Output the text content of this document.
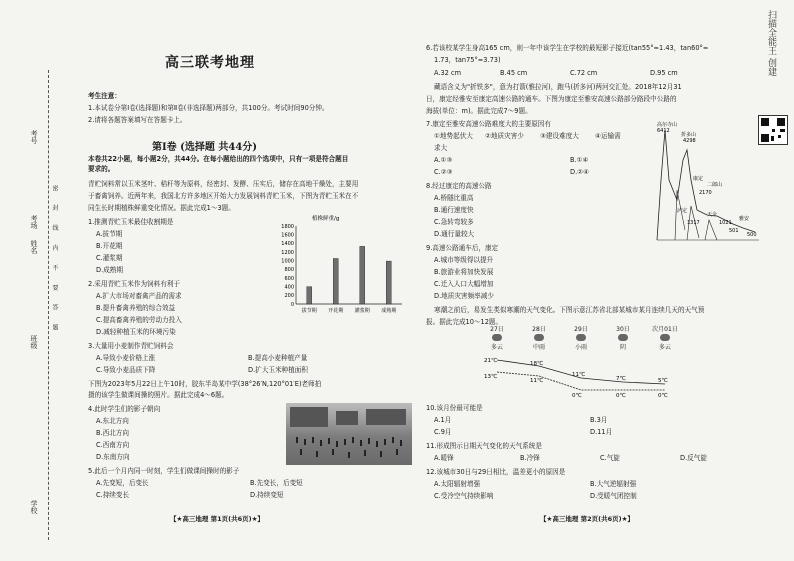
考号
考场
姓名
班级
学校
密 封 线 内 不 要 答 题
高三联考地理
考生注意：
1.本试卷分第Ⅰ卷(选择题)和第Ⅱ卷(非选择题)两部分，共100分。考试时间90分钟。
2.请将各题答案填写在答题卡上。
第Ⅰ卷 (选择题 共44分)
本卷共22小题，每小题2分，共44分。在每小题给出的四个选项中，只有一项是符合题目
要求的。
青贮饲料常以玉米茎叶、秸秆等为原料，经密封、发酵、压实后，储存在高地干燥处，主要用
于畜禽饲养。近两年来，我国北方许多地区开始大力发展饲料青贮玉米，下图为青贮玉米在不
同生长时期植株鲜重变化情况。据此完成1～3题。
植株鲜重/g
0
200
400
600
800
1000
1200
1400
1600
1800
拔节期 开花期 灌浆期 成熟期
1.推测青贮玉米最佳收割期是
A.拔节期
B.开花期
C.灌浆期
D.成熟期
2.采用青贮玉米作为饲料有利于
A.扩大市场对畜禽产品的需求
B.提升畜禽养殖的综合效益
C.提高畜禽养殖的劳动力投入
D.减轻种植玉米的环境污染
3.大量用小麦制作青贮饲料会
A.导致小麦价格上涨	B.提高小麦种植产量
C.导致小麦品质下降	D.扩大玉米种植面积
下图为2023年5月22日上午10时，胶东半岛某中学(38°26′N,120°01′E)老师拍
摄的该学生做课间操的照片。据此完成4～6题。
4.此时学生们的影子朝向
A.东北方向
B.西北方向
C.西南方向
D.东南方向
5.此后一个月内同一时刻，学生们做课间操时的影子
A.先变短，后变长	B.先变长，后变短
C.持续变长	D.持续变短
【★高三地理 第1页(共6页)★】
6.若该校某学生身高165 cm，则一年中该学生在学校的最短影子接近(tan55°≈1.43，tan60°≈
1.73，tan75°≈3.73)
A.32 cm	B.45 cm	C.72 cm	D.95 cm
藏语含义为"折铁多"，意为打箭(雅拉河)，跑马(折多河)两河交汇处。2018年12月31
日，康定经雅安至康定高速公路的通车。下图为康定至雅安高速公路部分路段中公路的
海拔(单位：m)。据此完成7～9题。
高尔寺山
6412
折多山
4298
康定
2170
二郎山
雅安
泸定
天全
1317	1021
501
500
7.康定至雅安高速公路难度大的主要原因有
①地势起伏大 ②地质灾害少 ③建设难度大 ④运输需
求大
A.①③	B.①④
C.②③	D.②④
8.经过康定的高速公路
A.桥隧比重高
B.通行速度快
C.急转弯较多
D.通行量较大
9.高速公路通车后，康定
A.城市等级得以提升
B.旅游业将加快发展
C.迁入人口大幅增加
D.地质灾害频率减少
寒潮之前后，易发生类似寒潮的天气变化。下图示意江苏省北部某城市某月连续几天的天气预
报。据此完成10～12题。
27日
多云
28日
中雨
29日
小雨
30日
阴
次月01日
多云
21℃	18℃
11℃
7℃	5℃
13℃
11℃
0℃	0℃	0℃
10.该月份最可能是
A.1月	B.3月
C.9月	D.11月
11.形成图示日期天气变化的天气系统是
A.暖锋	B.冷锋	C.气旋	D.反气旋
12.该城市30日与29日相比，温差更小的原因是
A.太阳辐射增强	B.大气逆辐射强
C.受冷空气持续影响	D.受暖气团控制
【★高三地理 第2页(共6页)★】
扫描全能王 创建
